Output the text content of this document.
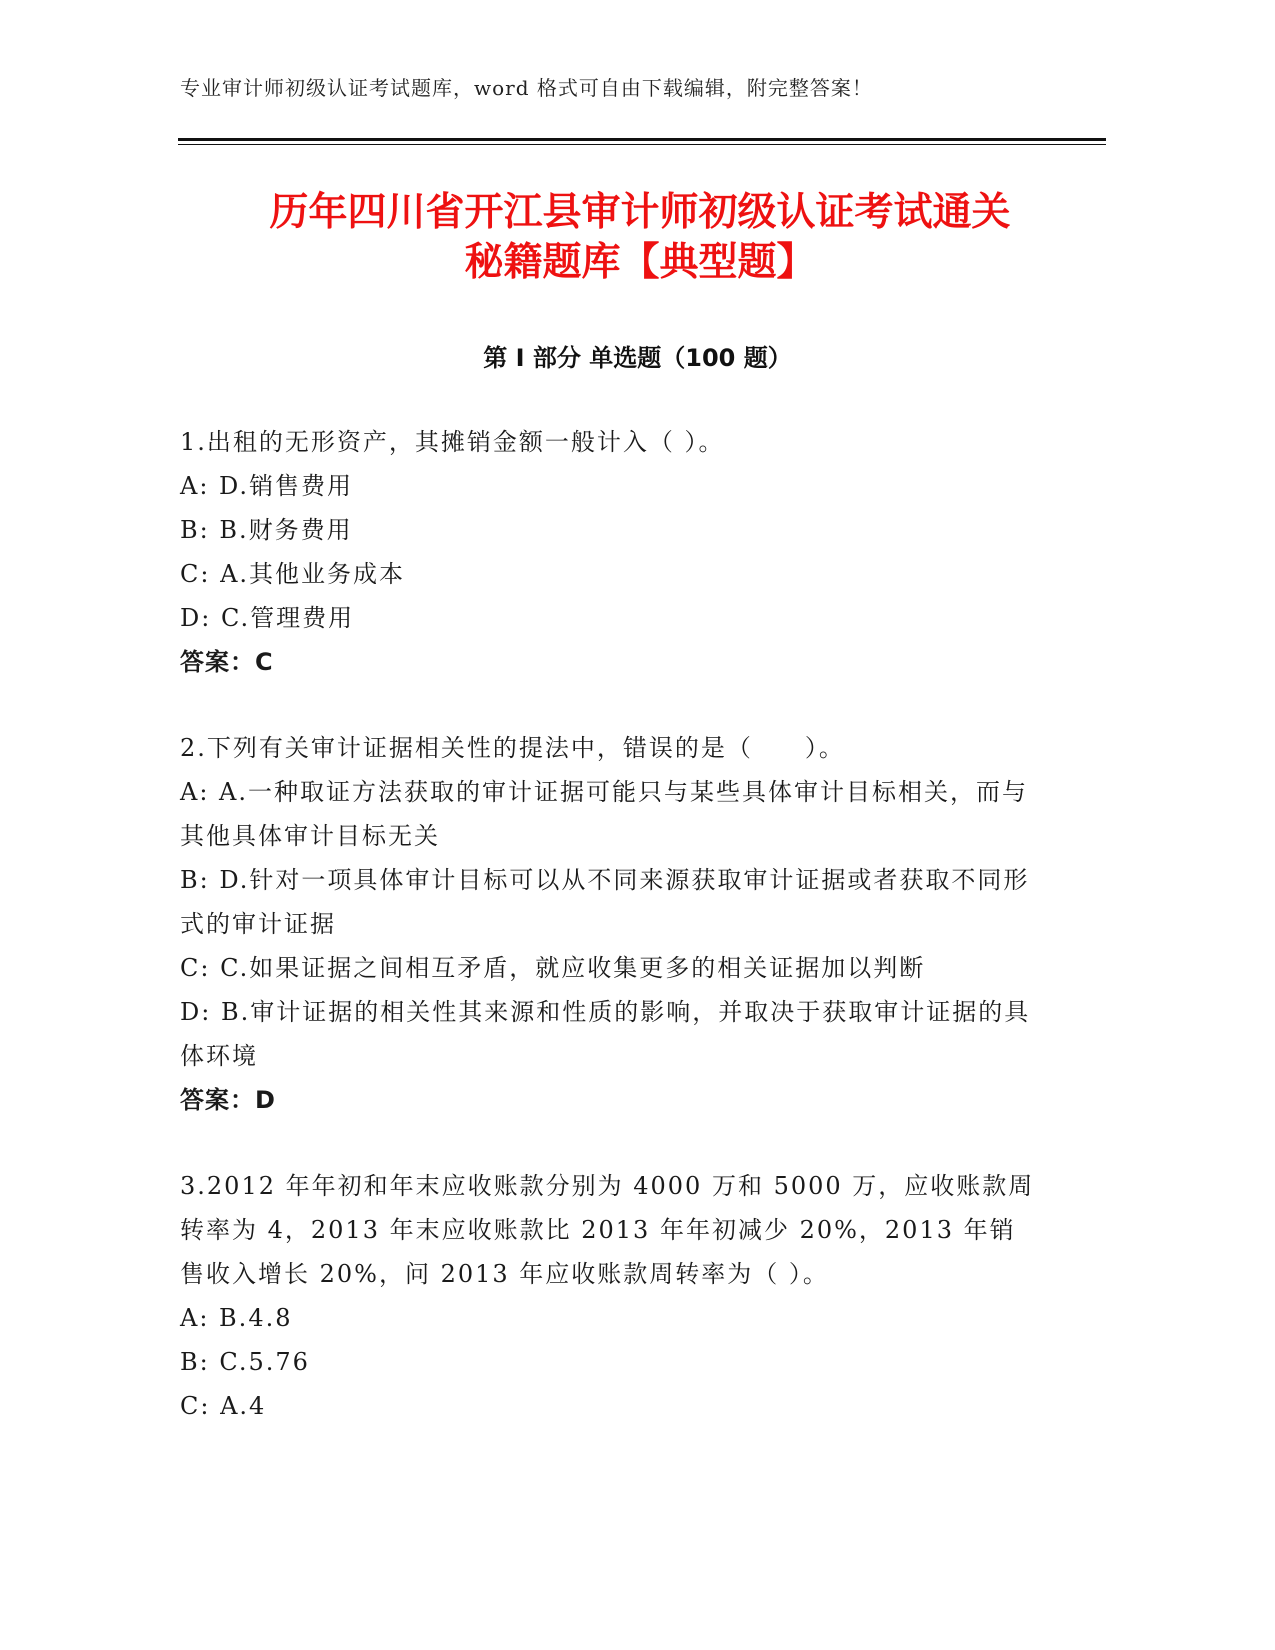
专业审计师初级认证考试题库，word 格式可自由下载编辑，附完整答案！
历年四川省开江县审计师初级认证考试通关
秘籍题库【典型题】
第 I 部分 单选题（100 题）

1.出租的无形资产，其摊销金额一般计入（ ）。

A: D.销售费用

B: B.财务费用

C: A.其他业务成本

D: C.管理费用

答案：C

2.下列有关审计证据相关性的提法中，错误的是（　　）。

A: A.一种取证方法获取的审计证据可能只与某些具体审计目标相关，而与其他具体审计目标无关

B: D.针对一项具体审计目标可以从不同来源获取审计证据或者获取不同形式的审计证据

C: C.如果证据之间相互矛盾，就应收集更多的相关证据加以判断

D: B.审计证据的相关性其来源和性质的影响，并取决于获取审计证据的具体环境

答案：D

3.2012 年年初和年末应收账款分别为 4000 万和 5000 万，应收账款周转率为 4，2013 年末应收账款比 2013 年年初减少 20%，2013 年销售收入增长 20%，问 2013 年应收账款周转率为（ ）。

A: B.4.8

B: C.5.76

C: A.4
